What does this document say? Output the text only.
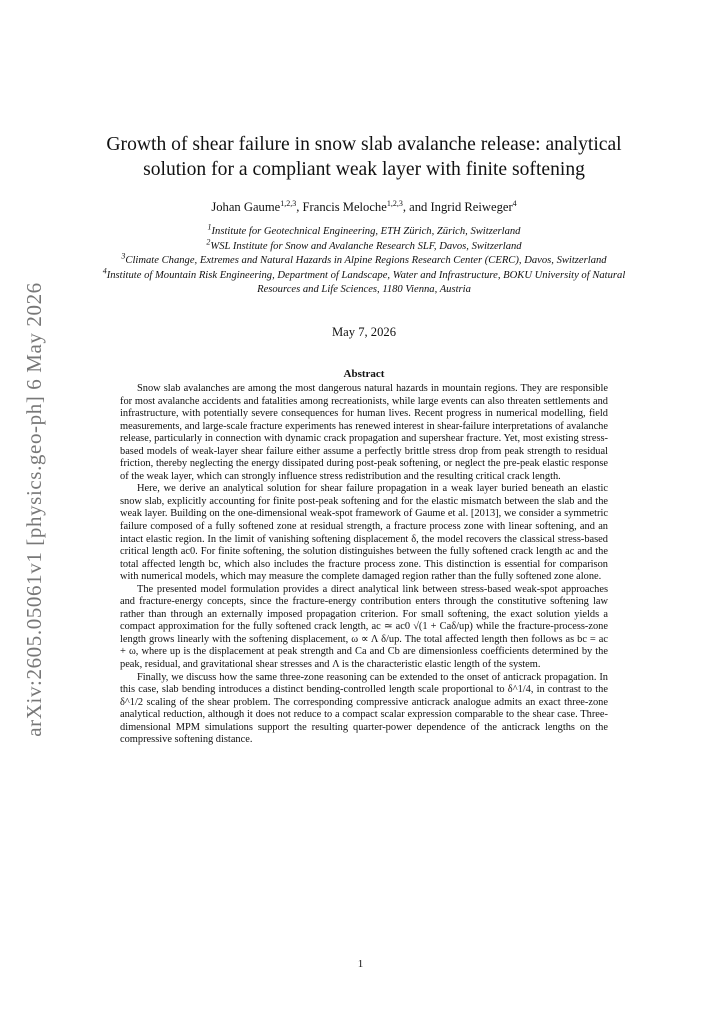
arXiv:2605.05061v1 [physics.geo-ph] 6 May 2026
Growth of shear failure in snow slab avalanche release: analytical
solution for a compliant weak layer with finite softening
Johan Gaume$^{1,2,3}$, Francis Meloche$^{1,2,3}$, and Ingrid Reiweger$^4$
$^1$Institute for Geotechnical Engineering, ETH Zürich, Zürich, Switzerland
$^2$WSL Institute for Snow and Avalanche Research SLF, Davos, Switzerland
$^3$Climate Change, Extremes and Natural Hazards in Alpine Regions Research Center (CERC), Davos, Switzerland
$^4$Institute of Mountain Risk Engineering, Department of Landscape, Water and Infrastructure, BOKU University of Natural Resources and Life Sciences, 1180 Vienna, Austria
May 7, 2026
Abstract

Snow slab avalanches are among the most dangerous natural hazards in mountain regions. They are responsible for most avalanche accidents and fatalities among recreationists, while large events can also threaten settlements and infrastructure, with potentially severe consequences for human lives. Recent progress in numerical modelling, field measurements, and large-scale fracture experiments has renewed interest in shear-failure interpretations of avalanche release, particularly in connection with dynamic crack propagation and supershear fracture. Yet, most existing stress-based models of weak-layer shear failure either assume a perfectly brittle stress drop from peak strength to residual friction, thereby neglecting the energy dissipated during post-peak softening, or neglect the pre-peak elastic response of the weak layer, which can strongly influence stress redistribution and the resulting critical crack length.

Here, we derive an analytical solution for shear failure propagation in a weak layer buried beneath an elastic snow slab, explicitly accounting for finite post-peak softening and for the elastic mismatch between the slab and the weak layer. Building on the one-dimensional weak-spot framework of Gaume et al. [2013], we consider a symmetric failure composed of a fully softened zone at residual strength, a fracture process zone with linear softening, and an intact elastic region. In the limit of vanishing softening displacement δ, the model recovers the classical stress-based critical length ac0. For finite softening, the solution distinguishes between the fully softened crack length ac and the total affected length bc, which also includes the fracture process zone. This distinction is essential for comparison with numerical models, which may measure the complete damaged region rather than the fully softened zone alone.

The presented model formulation provides a direct analytical link between stress-based weak-spot approaches and fracture-energy concepts, since the fracture-energy contribution enters through the constitutive softening law rather than through an externally imposed propagation criterion. For small softening, the exact solution yields a compact approximation for the fully softened crack length, ac ≃ ac0 √(1 + Caδ/up) while the fracture-process-zone length grows linearly with the softening displacement, ω ∝ Λ δ/up. The total affected length then follows as bc = ac + ω, where up is the displacement at peak strength and Ca and Cb are dimensionless coefficients determined by the peak, residual, and gravitational shear stresses and Λ is the characteristic elastic length of the system.

Finally, we discuss how the same three-zone reasoning can be extended to the onset of anticrack propagation. In this case, slab bending introduces a distinct bending-controlled length scale proportional to δ^1/4, in contrast to the δ^1/2 scaling of the shear problem. The corresponding compressive anticrack analogue admits an exact three-zone analytical reduction, although it does not reduce to a compact scalar expression comparable to the shear case. Three-dimensional MPM simulations support the resulting quarter-power dependence of the anticrack lengths on the compressive softening distance.

1
